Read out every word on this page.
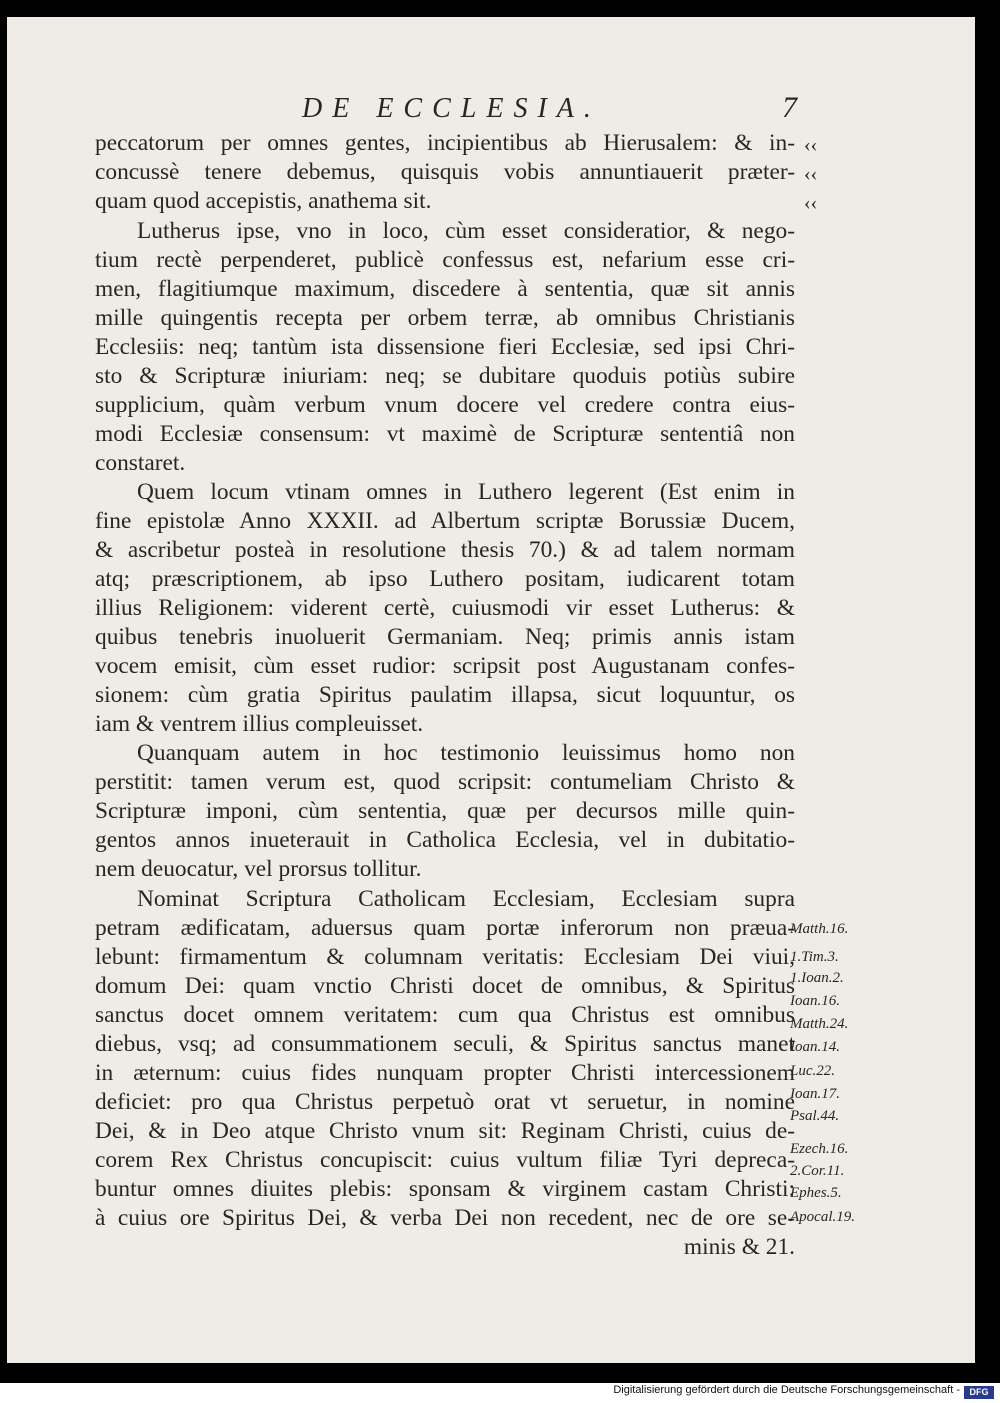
DE ECCLESIA.	7
peccatorum per omnes gentes, incipientibus ab Hierusalem: & in-
concussè tenere debemus, quisquis vobis annuntiauerit præter-
quam quod accepistis, anathema sit.
Lutherus ipse, vno in loco, cùm esset consideratior, & nego-
tium rectè perpenderet, publicè confessus est, nefarium esse cri-
men, flagitiumque maximum, discedere à sententia, quæ sit annis
mille quingentis recepta per orbem terræ, ab omnibus Christianis
Ecclesiis: neq; tantùm ista dissensione fieri Ecclesiæ, sed ipsi Chri-
sto & Scripturæ iniuriam: neq; se dubitare quoduis potiùs subire
supplicium, quàm verbum vnum docere vel credere contra eius-
modi Ecclesiæ consensum: vt maximè de Scripturæ sententiâ non
constaret.
Quem locum vtinam omnes in Luthero legerent (Est enim in
fine epistolæ Anno XXXII. ad Albertum scriptæ Borussiæ Ducem,
& ascribetur posteà in resolutione thesis 70.) & ad talem normam
atq; præscriptionem, ab ipso Luthero positam, iudicarent totam
illius Religionem: viderent certè, cuiusmodi vir esset Lutherus: &
quibus tenebris inuoluerit Germaniam. Neq; primis annis istam
vocem emisit, cùm esset rudior: scripsit post Augustanam confes-
sionem: cùm gratia Spiritus paulatim illapsa, sicut loquuntur, os
iam & ventrem illius compleuisset.
Quanquam autem in hoc testimonio leuissimus homo non
perstitit: tamen verum est, quod scripsit: contumeliam Christo &
Scripturæ imponi, cùm sententia, quæ per decursos mille quin-
gentos annos inueterauit in Catholica Ecclesia, vel in dubitatio-
nem deuocatur, vel prorsus tollitur.
Nominat Scriptura Catholicam Ecclesiam, Ecclesiam supra
petram ædificatam, aduersus quam portæ inferorum non præua-
lebunt: firmamentum & columnam veritatis: Ecclesiam Dei viui,
domum Dei: quam vnctio Christi docet de omnibus, & Spiritus
sanctus docet omnem veritatem: cum qua Christus est omnibus
diebus, vsq; ad consummationem seculi, & Spiritus sanctus manet
in æternum: cuius fides nunquam propter Christi intercessionem
deficiet: pro qua Christus perpetuò orat vt seruetur, in nomine
Dei, & in Deo atque Christo vnum sit: Reginam Christi, cuius de-
corem Rex Christus concupiscit: cuius vultum filiæ Tyri depreca-
buntur omnes diuites plebis: sponsam & virginem castam Christi:
à cuius ore Spiritus Dei, & verba Dei non recedent, nec de ore se-
minis & 21.
‹‹
‹‹
‹‹
Matth.16.
1.Tim.3.
1.Ioan.2.
Ioan.16.
Matth.24.
Ioan.14.
Luc.22.
Ioan.17.
Psal.44.
Ezech.16.
2.Cor.11.
Ephes.5.
Apocal.19.
Digitalisierung gefördert durch die Deutsche Forschungsgemeinschaft -	DFG
